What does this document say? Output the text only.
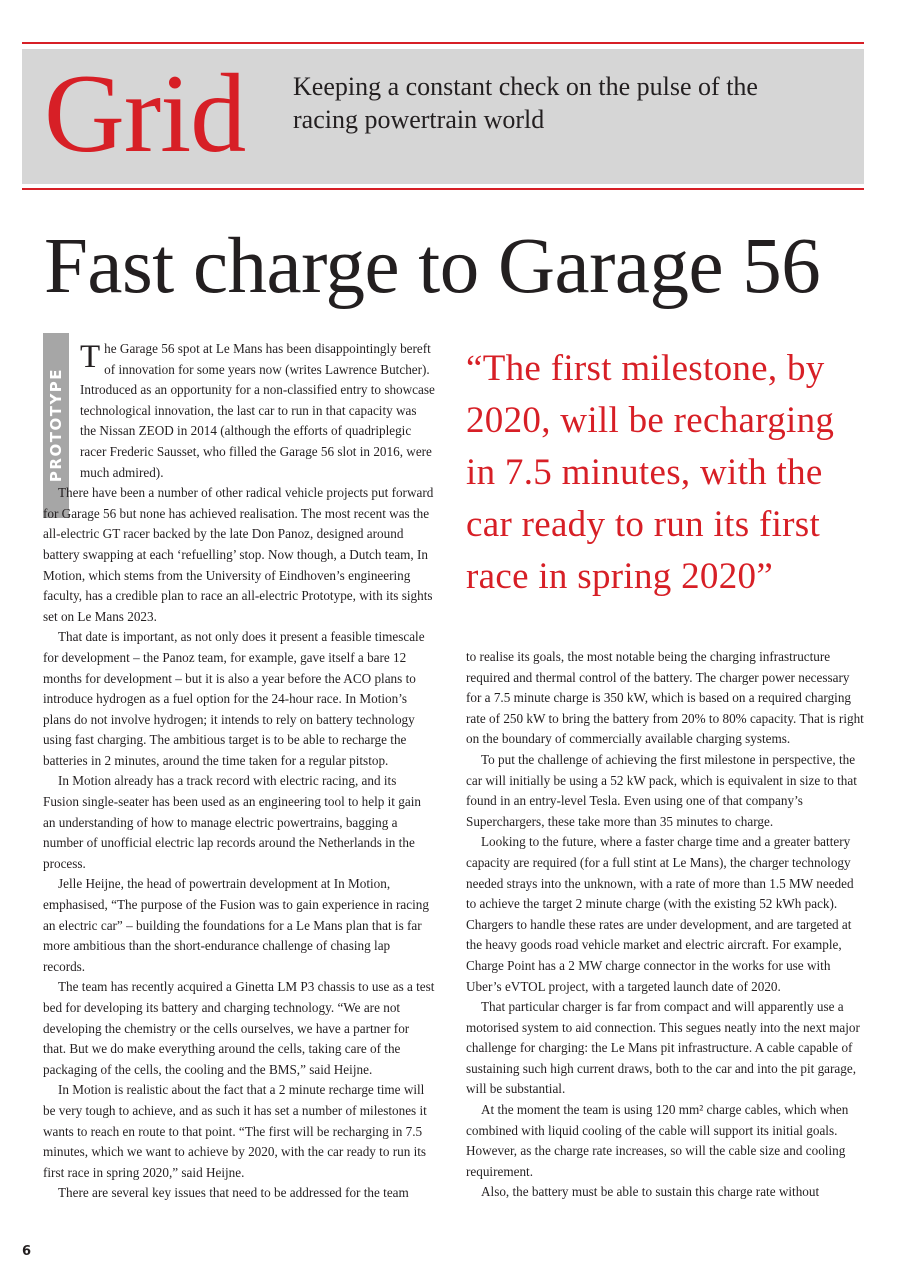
Grid Keeping a constant check on the pulse of the racing powertrain world
Fast charge to Garage 56
PROTOTYPE

The Garage 56 spot at Le Mans has been disappointingly bereft of innovation for some years now (writes Lawrence Butcher). Introduced as an opportunity for a non-classified entry to showcase technological innovation, the last car to run in that capacity was the Nissan ZEOD in 2014 (although the efforts of quadriplegic racer Frederic Sausset, who filled the Garage 56 slot in 2016, were much admired).

There have been a number of other radical vehicle projects put forward for Garage 56 but none has achieved realisation. The most recent was the all-electric GT racer backed by the late Don Panoz, designed around battery swapping at each ‘refuelling’ stop. Now though, a Dutch team, In Motion, which stems from the University of Eindhoven’s engineering faculty, has a credible plan to race an all-electric Prototype, with its sights set on Le Mans 2023.

That date is important, as not only does it present a feasible timescale for development – the Panoz team, for example, gave itself a bare 12 months for development – but it is also a year before the ACO plans to introduce hydrogen as a fuel option for the 24-hour race. In Motion’s plans do not involve hydrogen; it intends to rely on battery technology using fast charging. The ambitious target is to be able to recharge the batteries in 2 minutes, around the time taken for a regular pitstop.

In Motion already has a track record with electric racing, and its Fusion single-seater has been used as an engineering tool to help it gain an understanding of how to manage electric powertrains, bagging a number of unofficial electric lap records around the Netherlands in the process.

Jelle Heijne, the head of powertrain development at In Motion, emphasised, “The purpose of the Fusion was to gain experience in racing an electric car” – building the foundations for a Le Mans plan that is far more ambitious than the short-endurance challenge of chasing lap records.

The team has recently acquired a Ginetta LM P3 chassis to use as a test bed for developing its battery and charging technology. “We are not developing the chemistry or the cells ourselves, we have a partner for that. But we do make everything around the cells, taking care of the packaging of the cells, the cooling and the BMS,” said Heijne.

In Motion is realistic about the fact that a 2 minute recharge time will be very tough to achieve, and as such it has set a number of milestones it wants to reach en route to that point. “The first will be recharging in 7.5 minutes, which we want to achieve by 2020, with the car ready to run its first race in spring 2020,” said Heijne.

There are several key issues that need to be addressed for the team

“The first milestone, by 2020, will be recharging in 7.5 minutes, with the car ready to run its first race in spring 2020”

to realise its goals, the most notable being the charging infrastructure required and thermal control of the battery. The charger power necessary for a 7.5 minute charge is 350 kW, which is based on a required charging rate of 250 kW to bring the battery from 20% to 80% capacity. That is right on the boundary of commercially available charging systems.

To put the challenge of achieving the first milestone in perspective, the car will initially be using a 52 kW pack, which is equivalent in size to that found in an entry-level Tesla. Even using one of that company’s Superchargers, these take more than 35 minutes to charge.

Looking to the future, where a faster charge time and a greater battery capacity are required (for a full stint at Le Mans), the charger technology needed strays into the unknown, with a rate of more than 1.5 MW needed to achieve the target 2 minute charge (with the existing 52 kWh pack). Chargers to handle these rates are under development, and are targeted at the heavy goods road vehicle market and electric aircraft. For example, Charge Point has a 2 MW charge connector in the works for use with Uber’s eVTOL project, with a targeted launch date of 2020.

That particular charger is far from compact and will apparently use a motorised system to aid connection. This segues neatly into the next major challenge for charging: the Le Mans pit infrastructure. A cable capable of sustaining such high current draws, both to the car and into the pit garage, will be substantial.

At the moment the team is using 120 mm² charge cables, which when combined with liquid cooling of the cable will support its initial goals. However, as the charge rate increases, so will the cable size and cooling requirement.

Also, the battery must be able to sustain this charge rate without

6
